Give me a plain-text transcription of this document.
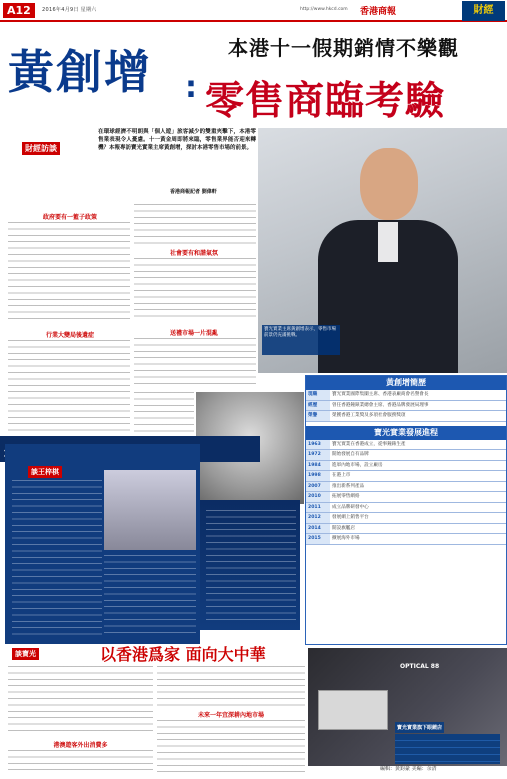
A12	2016年4月9日 星期六	http://www.hkcd.com 香港商報	財經
黃創增 :
本港十一假期銷情不樂觀
零售商臨考驗
財經訪談
在環球經濟不明朗與「個人遊」旅客減少的雙重夾擊下，本港零售業表現令人憂慮。十一黃金周即將來臨，零售業界能否迎來轉機？本報專訪寶光實業主席黃創增，探討本港零售市場的前景。
香港商報記者 劉偉軒
政府要有一籃子政策
行業大變局後遺症
社會要有和諧氣氛
送禮市場一片混亂
寶光實業主席黃創增表示，零售市場前景仍充滿挑戰。
談王梓棋
黃創增簡歷
現職	寶光實業國際集團主席、香港表廠商會名譽會長
經歷	曾任香港鐘錶業總會主席、香港品牌發展局理事
榮譽	榮獲香港工業獎及多項社會服務獎項
寶光實業發展進程
1963	寶光實業在香港成立，從事鐘錶生產
1972	開始發展自有品牌
1984	進軍內地市場，設立廠房
1998	在港上市
2007	推出新系列產品
2010	拓展零售網絡
2011	成立品牌研發中心
2012	發展網上銷售平台
2014	開設旗艦店
2015	擴展海外市場
談寶光	以香港爲家 面向大中華
港澳遊客外出消費多
未來一年宜深耕內地市場
OPTICAL 88
寶光實業旗下眼鏡店
編輯：黃鈞豪 美編：余清
